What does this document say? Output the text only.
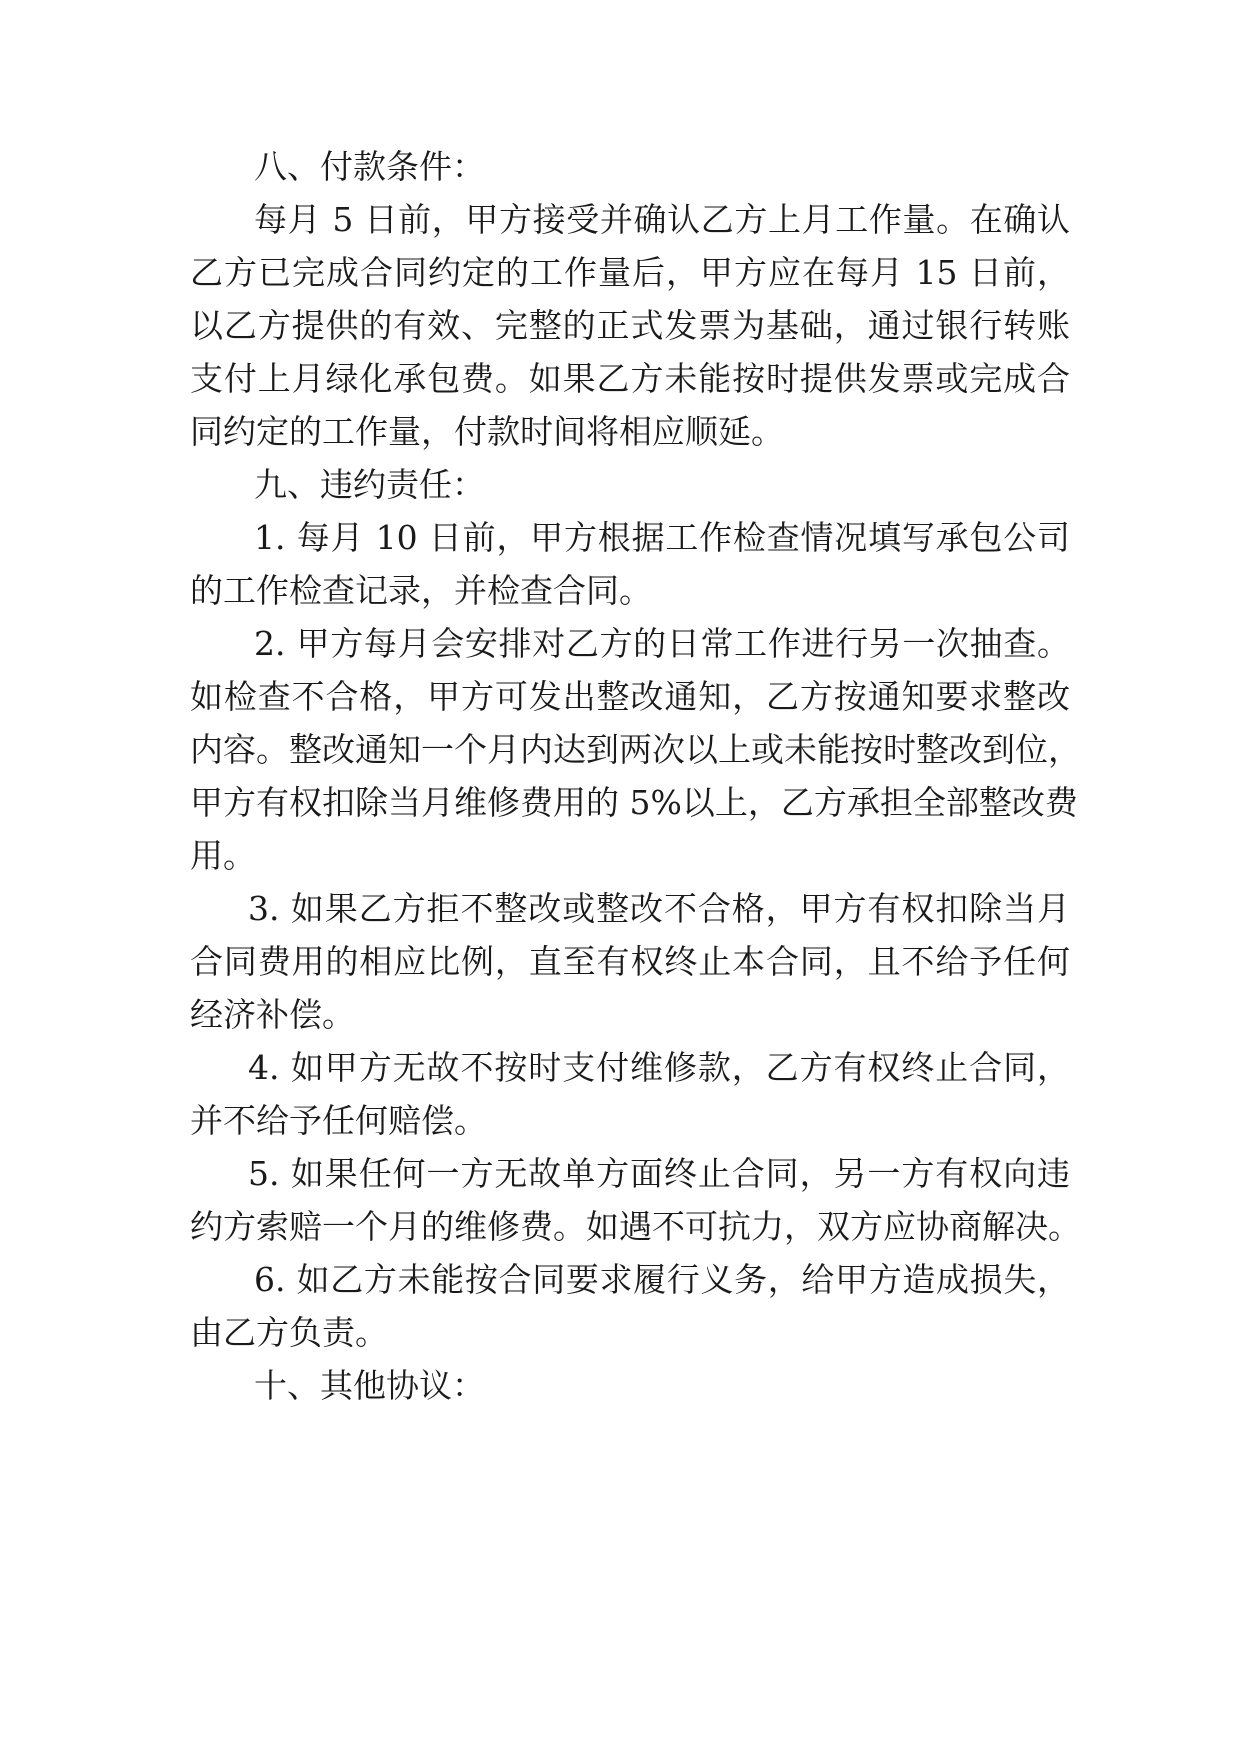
八、付款条件：
每月 5 日前，甲方接受并确认乙方上月工作量。在确认
乙方已完成合同约定的工作量后，甲方应在每月 15 日前，
以乙方提供的有效、完整的正式发票为基础，通过银行转账
支付上月绿化承包费。如果乙方未能按时提供发票或完成合
同约定的工作量，付款时间将相应顺延。
九、违约责任：
1. 每月 10 日前，甲方根据工作检查情况填写承包公司
的工作检查记录，并检查合同。
2. 甲方每月会安排对乙方的日常工作进行另一次抽查。
如检查不合格，甲方可发出整改通知，乙方按通知要求整改
内容。整改通知一个月内达到两次以上或未能按时整改到位，
甲方有权扣除当月维修费用的 5%以上，乙方承担全部整改费
用。
3. 如果乙方拒不整改或整改不合格，甲方有权扣除当月
合同费用的相应比例，直至有权终止本合同，且不给予任何
经济补偿。
4. 如甲方无故不按时支付维修款，乙方有权终止合同，
并不给予任何赔偿。
5. 如果任何一方无故单方面终止合同，另一方有权向违
约方索赔一个月的维修费。如遇不可抗力，双方应协商解决。
6. 如乙方未能按合同要求履行义务，给甲方造成损失，
由乙方负责。
十、其他协议：
